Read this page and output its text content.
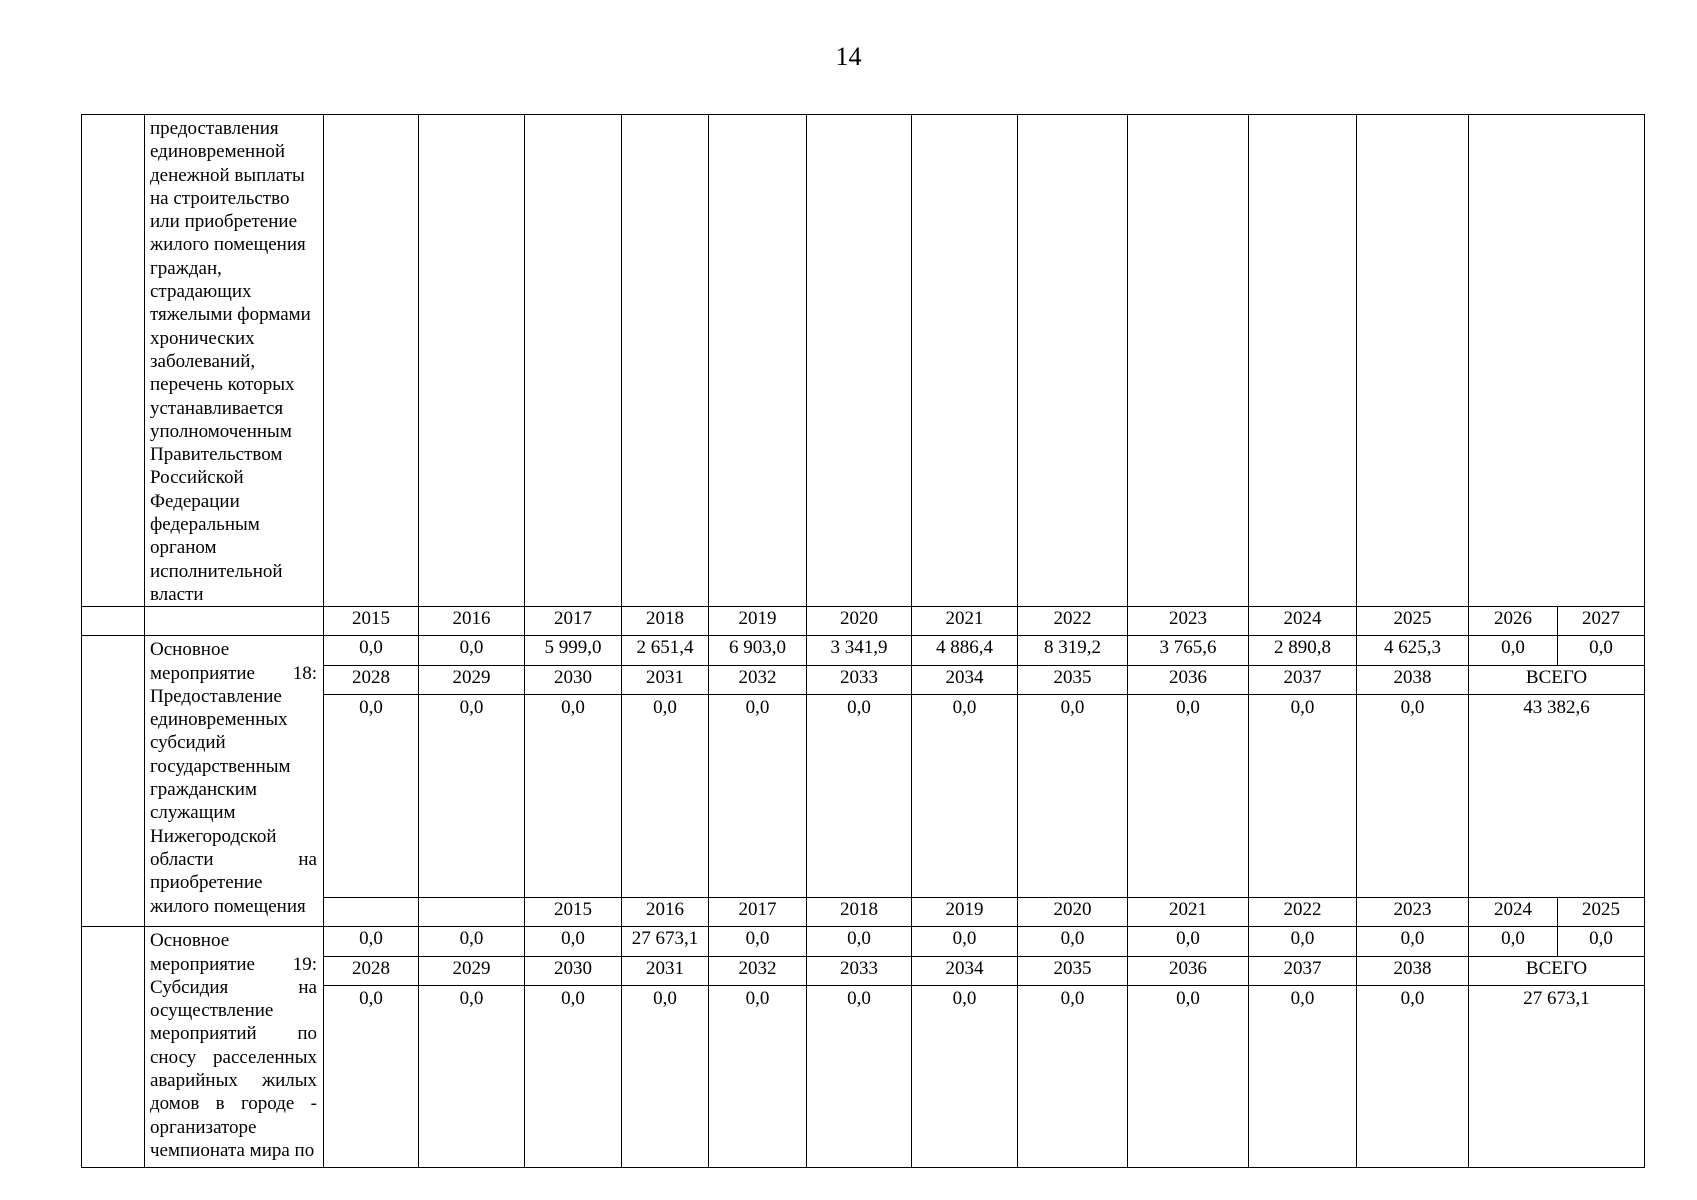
14
	предоставления единовременной денежной выплаты на строительство или приобретение жилого помещения граждан, страдающих тяжелыми формами хронических заболеваний, перечень которых устанавливается уполномоченным Правительством Российской Федерации федеральным органом исполнительной власти														
		2015	2016	2017	2018	2019	2020	2021	2022	2023	2024	2025	2026	2027	
	Основное мероприятие 18: Предоставление единовременных субсидий государственным гражданским служащим Нижегородской области на приобретение жилого помещения	0,0	0,0	5 999,0	2 651,4	6 903,0	3 341,9	4 886,4	8 319,2	3 765,6	2 890,8	4 625,3	0,0	0,0	
		2028	2029	2030	2031	2032	2033	2034	2035	2036	2037	2038	ВСЕГО		
		0,0	0,0	0,0	0,0	0,0	0,0	0,0	0,0	0,0	0,0	0,0	43 382,6		
				2015	2016	2017	2018	2019	2020	2021	2022	2023	2024	2025		
	Основное мероприятие 19: Субсидия на осуществление мероприятий по сносу расселенных аварийных жилых домов в городе - организаторе чемпионата мира по	0,0	0,0	0,0	27 673,1	0,0	0,0	0,0	0,0	0,0	0,0	0,0	0,0	0,0	
		2028	2029	2030	2031	2032	2033	2034	2035	2036	2037	2038	ВСЕГО		
		0,0	0,0	0,0	0,0	0,0	0,0	0,0	0,0	0,0	0,0	0,0	27 673,1		
